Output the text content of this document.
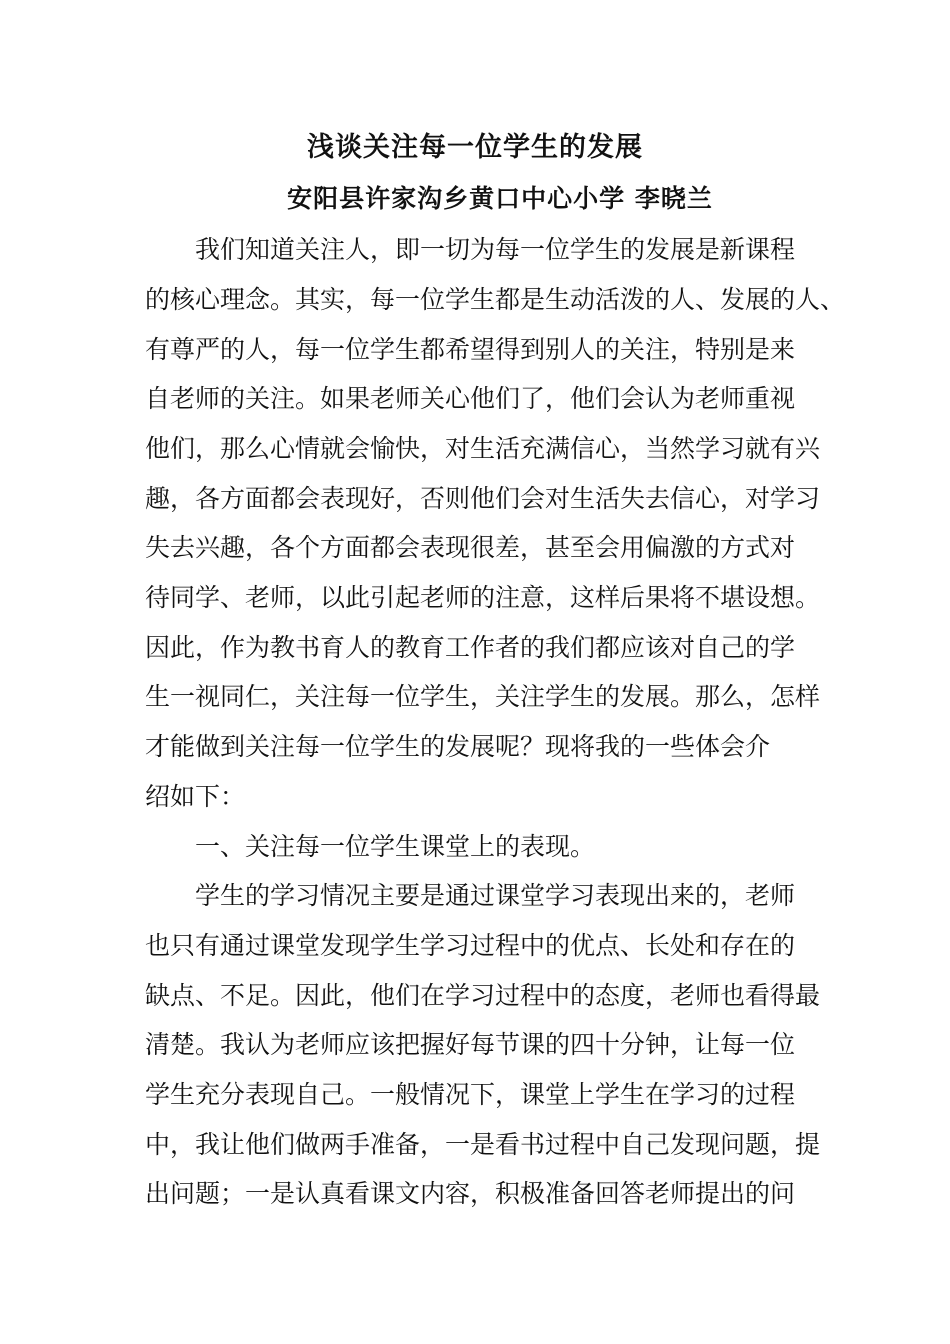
浅谈关注每一位学生的发展
安阳县许家沟乡黄口中心小学 李晓兰
我们知道关注人，即一切为每一位学生的发展是新课程
的核心理念。其实，每一位学生都是生动活泼的人、发展的人、
有尊严的人，每一位学生都希望得到别人的关注，特别是来
自老师的关注。如果老师关心他们了，他们会认为老师重视
他们，那么心情就会愉快，对生活充满信心，当然学习就有兴
趣，各方面都会表现好，否则他们会对生活失去信心，对学习
失去兴趣，各个方面都会表现很差，甚至会用偏激的方式对
待同学、老师，以此引起老师的注意，这样后果将不堪设想。
因此，作为教书育人的教育工作者的我们都应该对自己的学
生一视同仁，关注每一位学生，关注学生的发展。那么，怎样
才能做到关注每一位学生的发展呢？现将我的一些体会介
绍如下：
一、关注每一位学生课堂上的表现。
学生的学习情况主要是通过课堂学习表现出来的，老师
也只有通过课堂发现学生学习过程中的优点、长处和存在的
缺点、不足。因此，他们在学习过程中的态度，老师也看得最
清楚。我认为老师应该把握好每节课的四十分钟，让每一位
学生充分表现自己。一般情况下，课堂上学生在学习的过程
中，我让他们做两手准备，一是看书过程中自己发现问题，提
出问题；一是认真看课文内容，积极准备回答老师提出的问
